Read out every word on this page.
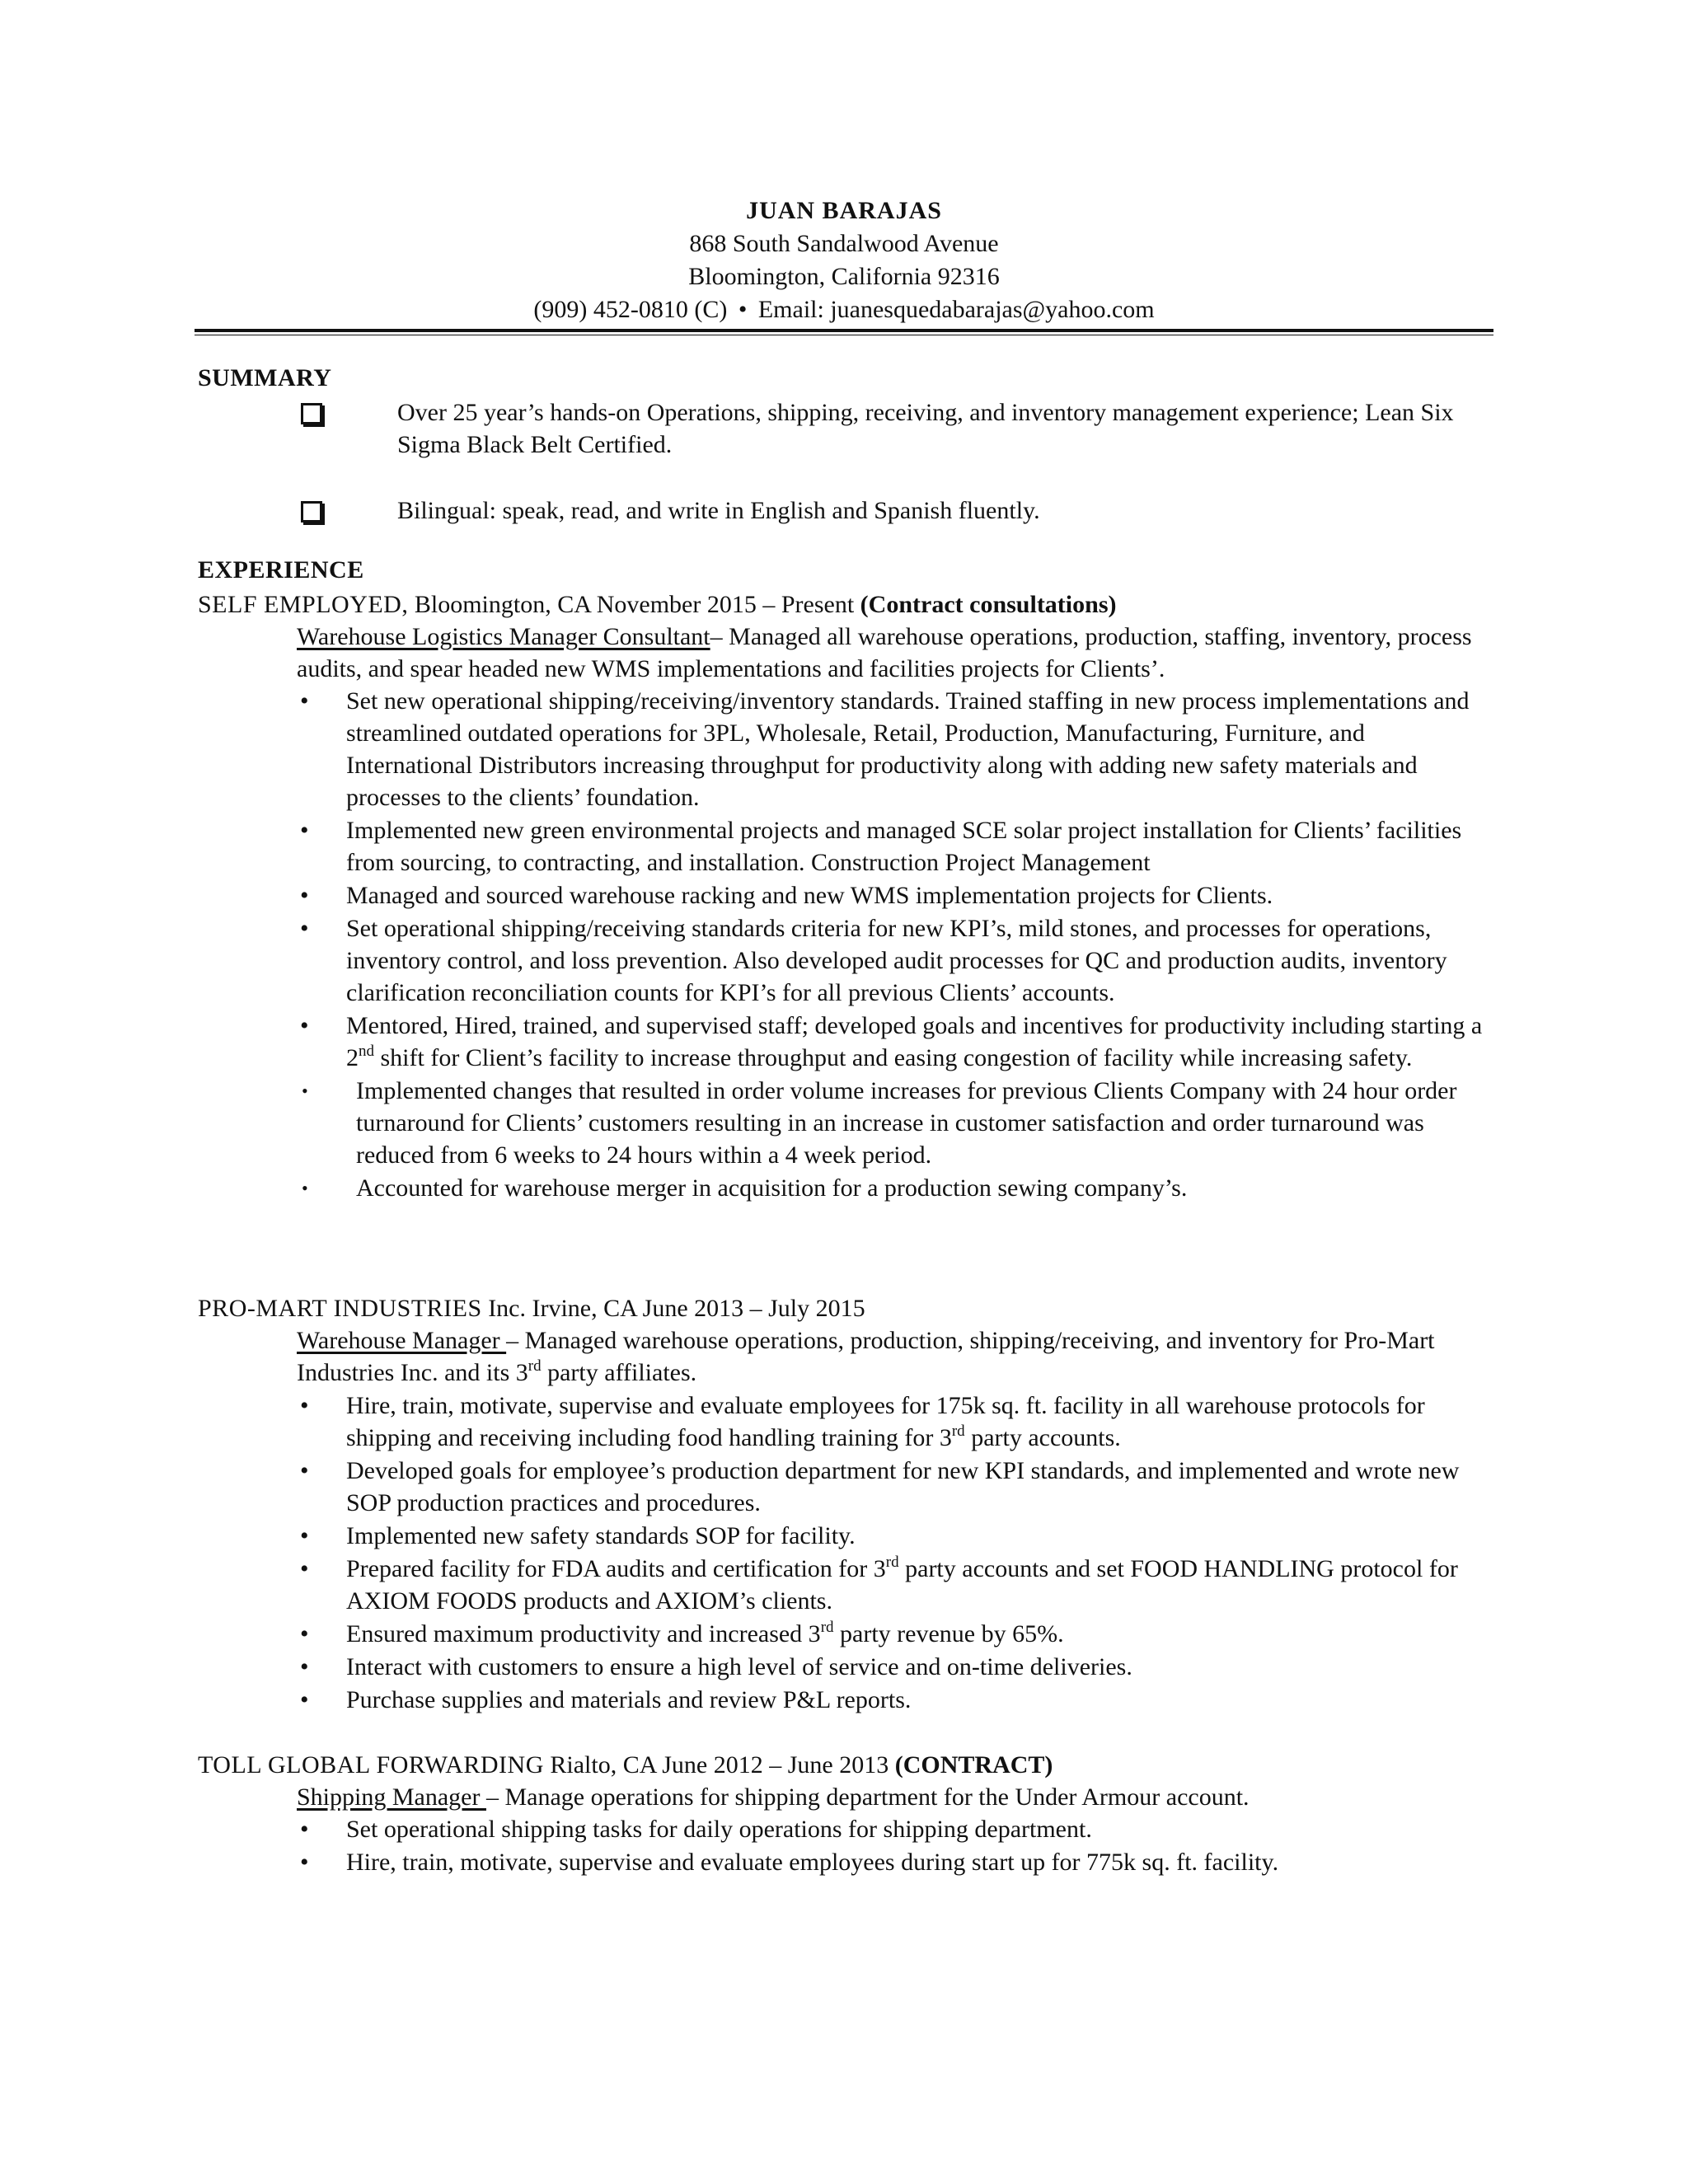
JUAN BARAJAS
868 South Sandalwood Avenue
Bloomington, California 92316
(909) 452-0810 (C) • Email: juanesquedabarajas@yahoo.com
SUMMARY
Over 25 year’s hands-on Operations, shipping, receiving, and inventory management experience; Lean Six Sigma Black Belt Certified.
Bilingual: speak, read, and write in English and Spanish fluently.
EXPERIENCE
SELF EMPLOYED, Bloomington, CA November 2015 – Present (Contract consultations)
Warehouse Logistics Manager Consultant– Managed all warehouse operations, production, staffing, inventory, process audits, and spear headed new WMS implementations and facilities projects for Clients’.
• Set new operational shipping/receiving/inventory standards. Trained staffing in new process implementations and streamlined outdated operations for 3PL, Wholesale, Retail, Production, Manufacturing, Furniture, and International Distributors increasing throughput for productivity along with adding new safety materials and processes to the clients’ foundation.
• Implemented new green environmental projects and managed SCE solar project installation for Clients’ facilities from sourcing, to contracting, and installation. Construction Project Management
• Managed and sourced warehouse racking and new WMS implementation projects for Clients.
• Set operational shipping/receiving standards criteria for new KPI’s, mild stones, and processes for operations, inventory control, and loss prevention. Also developed audit processes for QC and production audits, inventory clarification reconciliation counts for KPI’s for all previous Clients’ accounts.
• Mentored, Hired, trained, and supervised staff; developed goals and incentives for productivity including starting a 2nd shift for Client’s facility to increase throughput and easing congestion of facility while increasing safety.
• Implemented changes that resulted in order volume increases for previous Clients Company with 24 hour order turnaround for Clients’ customers resulting in an increase in customer satisfaction and order turnaround was reduced from 6 weeks to 24 hours within a 4 week period.
• Accounted for warehouse merger in acquisition for a production sewing company’s.
PRO-MART INDUSTRIES Inc. Irvine, CA June 2013 – July 2015
Warehouse Manager – Managed warehouse operations, production, shipping/receiving, and inventory for Pro-Mart Industries Inc. and its 3rd party affiliates.
• Hire, train, motivate, supervise and evaluate employees for 175k sq. ft. facility in all warehouse protocols for shipping and receiving including food handling training for 3rd party accounts.
• Developed goals for employee’s production department for new KPI standards, and implemented and wrote new SOP production practices and procedures.
• Implemented new safety standards SOP for facility.
• Prepared facility for FDA audits and certification for 3rd party accounts and set FOOD HANDLING protocol for AXIOM FOODS products and AXIOM’s clients.
• Ensured maximum productivity and increased 3rd party revenue by 65%.
• Interact with customers to ensure a high level of service and on-time deliveries.
• Purchase supplies and materials and review P&L reports.
TOLL GLOBAL FORWARDING Rialto, CA June 2012 – June 2013 (CONTRACT)
Shipping Manager – Manage operations for shipping department for the Under Armour account.
• Set operational shipping tasks for daily operations for shipping department.
• Hire, train, motivate, supervise and evaluate employees during start up for 775k sq. ft. facility.
